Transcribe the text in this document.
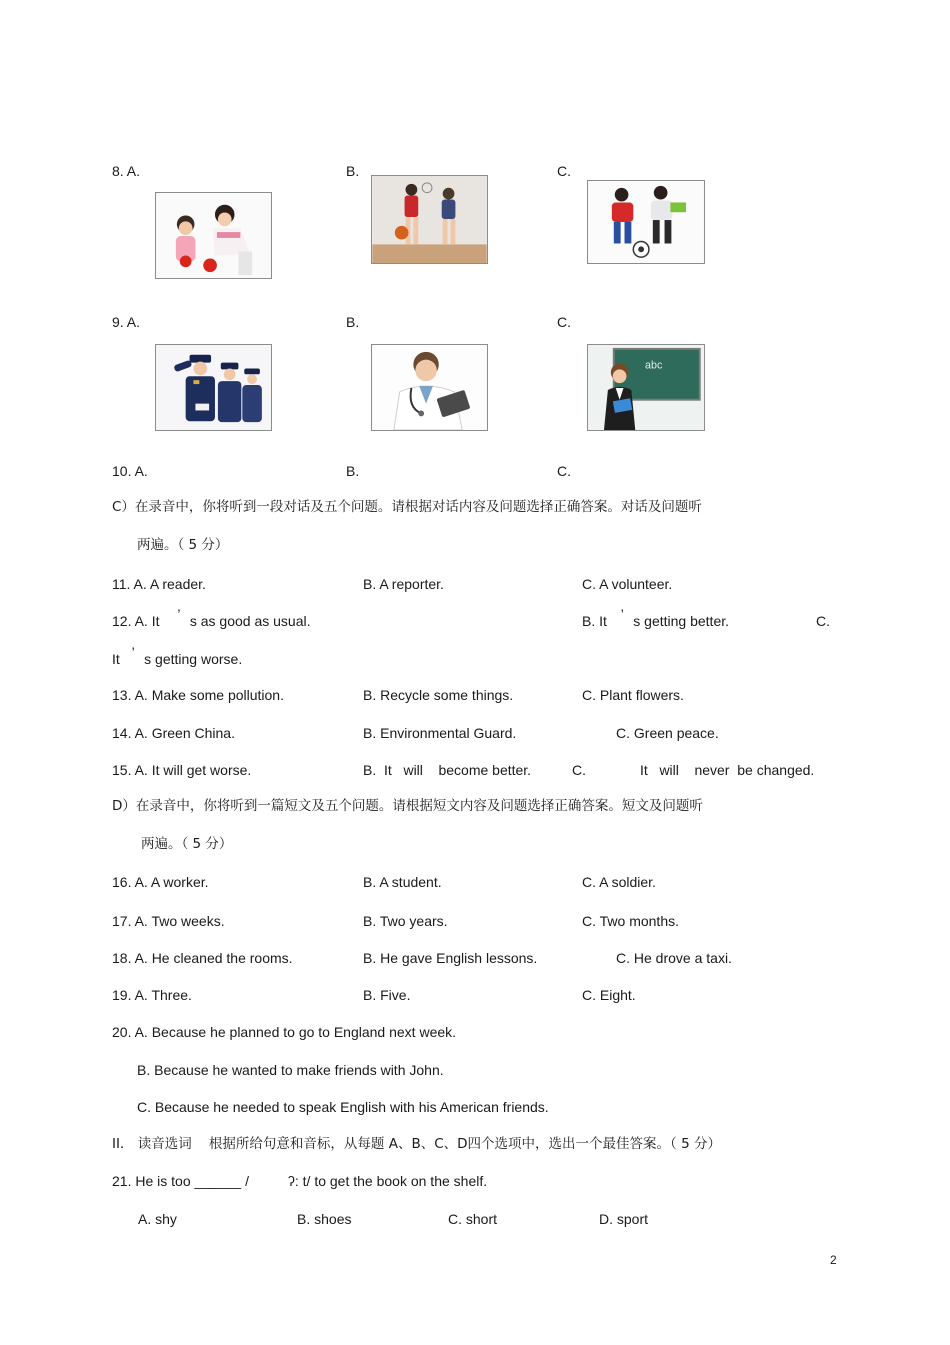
8. A.	B.	C.
9. A.	B.	C.
abc
10. A.	B.	C.
C）在录音中，你将听到一段对话及五个问题。请根据对话内容及问题选择正确答案。对话及问题听
两遍。（ 5 分）
11. A. A reader.	B. A reporter.	C. A volunteer.
12. A. It ’ s as good as usual.	B. It ’ s getting better.	C.
It ’ s getting worse.
13. A. Make some pollution.	B. Recycle some things.	C. Plant flowers.
14. A. Green China.	B. Environmental Guard.	C. Green peace.
15. A. It will get worse.	B.  It   will    become better.	C.	It   will    never  be changed.
D）在录音中，你将听到一篇短文及五个问题。请根据短文内容及问题选择正确答案。短文及问题听
两遍。（ 5 分）
16. A. A worker.	B. A student.	C. A soldier.
17. A. Two weeks.	B. Two years.	C. Two months.
18. A. He cleaned the rooms.	B. He gave English lessons.	C. He drove a taxi.
19. A. Three.	B. Five.	C. Eight.
20. A. Because he planned to go to England next week.
B. Because he wanted to make friends with John.
C. Because he needed to speak English with his American friends.
II． 读音选词    根据所给句意和音标，从每题 A、B、C、D四个选项中，选出一个最佳答案。（ 5 分）
21. He is too ______ /          ʔ: t/ to get the book on the shelf.
A. shy	B. shoes	C. short	D. sport
2
